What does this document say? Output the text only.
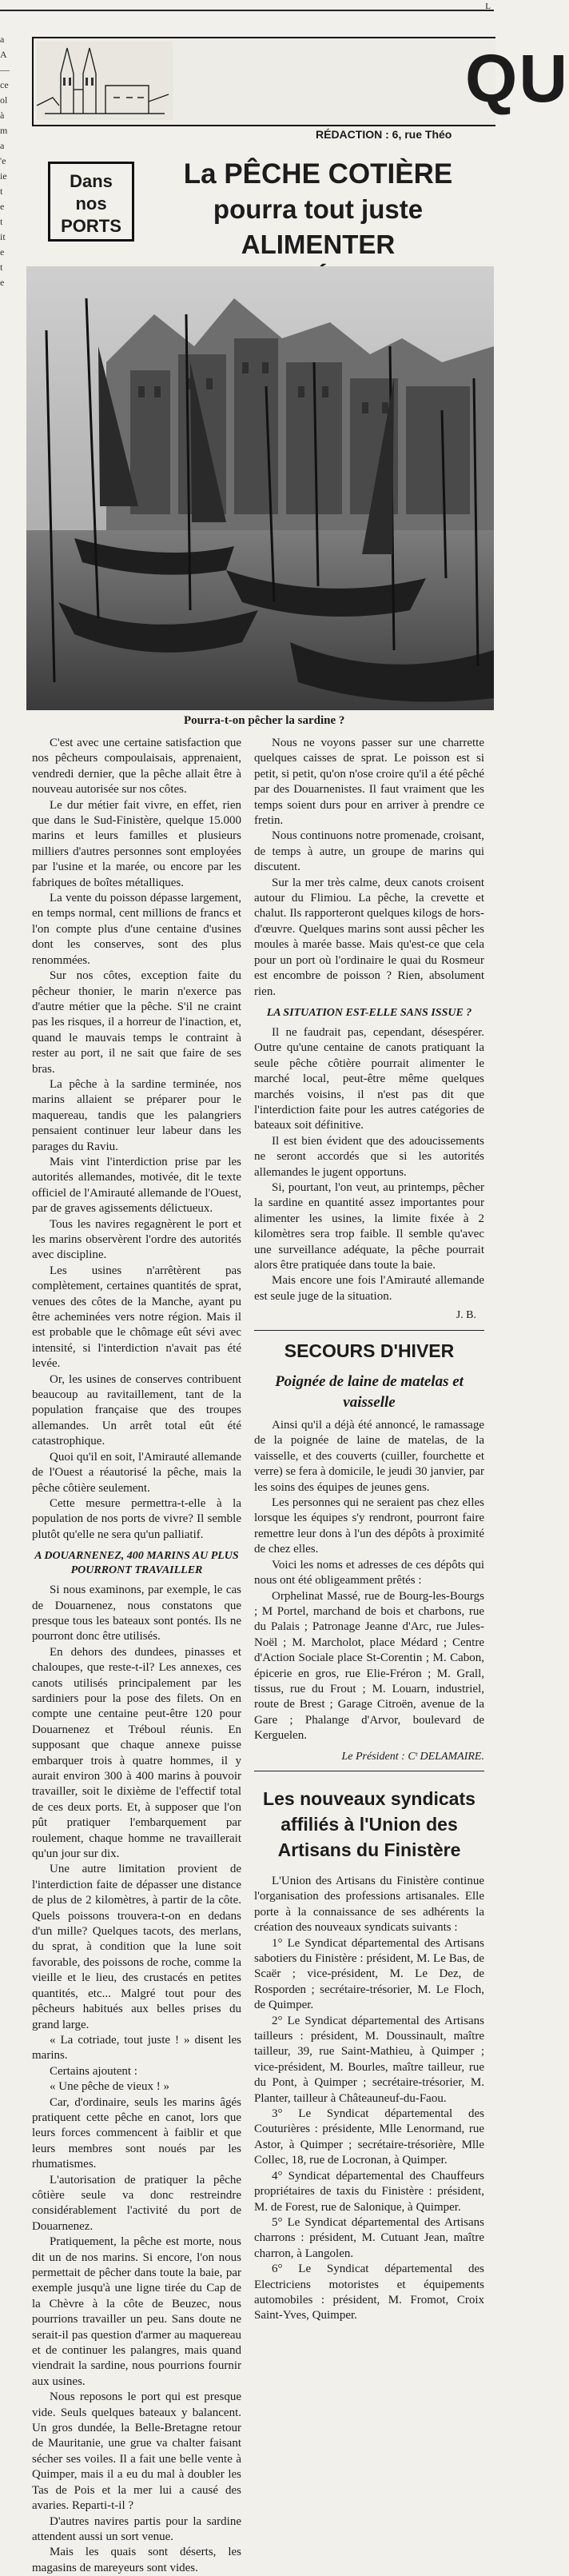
L
a
A
—
ce
ol
à
m
a
'e
ie
t
e
t
it
e
t
e
QU
RÉDACTION : 6, rue Théo
Dans
nos
PORTS
La PÊCHE COTIÈRE
pourra tout juste ALIMENTER
Pourra-t-on pêcher la sardine ?

C'est avec une certaine satisfaction que nos pêcheurs compoulaisais, apprenaient, vendredi dernier, que la pêche allait être à nouveau autorisée sur nos côtes.

Le dur métier fait vivre, en effet, rien que dans le Sud-Finistère, quelque 15.000 marins et leurs familles et plusieurs milliers d'autres personnes sont employées par l'usine et la marée, ou encore par les fabriques de boîtes métalliques.

La vente du poisson dépasse largement, en temps normal, cent millions de francs et l'on compte plus d'une centaine d'usines dont les conserves, sont des plus renommées.

Sur nos côtes, exception faite du pêcheur thonier, le marin n'exerce pas d'autre métier que la pêche. S'il ne craint pas les risques, il a horreur de l'inaction, et, quand le mauvais temps le contraint à rester au port, il ne sait que faire de ses bras.

La pêche à la sardine terminée, nos marins allaient se préparer pour le maquereau, tandis que les palangriers pensaient continuer leur labeur dans les parages du Raviu.

Mais vint l'interdiction prise par les autorités allemandes, motivée, dit le texte officiel de l'Amirauté allemande de l'Ouest, par de graves agissements délictueux.

Tous les navires regagnèrent le port et les marins observèrent l'ordre des autorités avec discipline.

Les usines n'arrêtèrent pas complètement, certaines quantités de sprat, venues des côtes de la Manche, ayant pu être acheminées vers notre région. Mais il est probable que le chômage eût sévi avec intensité, si l'interdiction n'avait pas été levée.

Or, les usines de conserves contribuent beaucoup au ravitaillement, tant de la population française que des troupes allemandes. Un arrêt total eût été catastrophique.

Quoi qu'il en soit, l'Amirauté allemande de l'Ouest a réautorisé la pêche, mais la pêche côtière seulement.

Cette mesure permettra-t-elle à la population de nos ports de vivre? Il semble plutôt qu'elle ne sera qu'un palliatif.

A DOUARNENEZ, 400 MARINS AU PLUS POURRONT TRAVAILLER

Si nous examinons, par exemple, le cas de Douarnenez, nous constatons que presque tous les bateaux sont pontés. Ils ne pourront donc être utilisés.

En dehors des dundees, pinasses et chaloupes, que reste-t-il? Les annexes, ces canots utilisés principalement par les sardiniers pour la pose des filets. On en compte une centaine peut-être 120 pour Douarnenez et Tréboul réunis. En supposant que chaque annexe puisse embarquer trois à quatre hommes, il y aurait environ 300 à 400 marins à pouvoir travailler, soit le dixième de l'effectif total de ces deux ports. Et, à supposer que l'on pût pratiquer l'embarquement par roulement, chaque homme ne travaillerait qu'un jour sur dix.

Une autre limitation provient de l'interdiction faite de dépasser une distance de plus de 2 kilomètres, à partir de la côte. Quels poissons trouvera-t-on en dedans d'un mille? Quelques tacots, des merlans, du sprat, à condition que la lune soit favorable, des poissons de roche, comme la vieille et le lieu, des crustacés en petites quantités, etc... Malgré tout pour des pêcheurs habitués aux belles prises du grand large.

« La cotriade, tout juste ! » disent les marins.

Certains ajoutent :

« Une pêche de vieux ! »

Car, d'ordinaire, seuls les marins âgés pratiquent cette pêche en canot, lors que leurs forces commencent à faiblir et que leurs membres sont noués par les rhumatismes.

L'autorisation de pratiquer la pêche côtière seule va donc restreindre considérablement l'activité du port de Douarnenez.

Pratiquement, la pêche est morte, nous dit un de nos marins. Si encore, l'on nous permettait de pêcher dans toute la baie, par exemple jusqu'à une ligne tirée du Cap de la Chèvre à la côte de Beuzec, nous pourrions travailler un peu. Sans doute ne serait-il pas question d'armer au maquereau et de continuer les palangres, mais quand viendrait la sardine, nous pourrions fournir aux usines.

Nous reposons le port qui est presque vide. Seuls quelques bateaux y balancent. Un gros dundée, la Belle-Bretagne retour de Mauritanie, une grue va chalter faisant sécher ses voiles. Il a fait une belle vente à Quimper, mais il a eu du mal à doubler les Tas de Pois et la mer lui a causé des avaries. Reparti-t-il ?

D'autres navires partis pour la sardine attendent aussi un sort venue.

Mais les quais sont déserts, les magasins de mareyeurs sont vides.

Nous ne voyons passer sur une charrette quelques caisses de sprat. Le poisson est si petit, si petit, qu'on n'ose croire qu'il a été pêché par des Douarnenistes. Il faut vraiment que les temps soient durs pour en arriver à prendre ce fretin.

Nous continuons notre promenade, croisant, de temps à autre, un groupe de marins qui discutent.

Sur la mer très calme, deux canots croisent autour du Flimiou. La pêche, la crevette et chalut. Ils rapporteront quelques kilogs de hors-d'œuvre. Quelques marins sont aussi pêcher les moules à marée basse. Mais qu'est-ce que cela pour un port où l'ordinaire le quai du Rosmeur est encombre de poisson ? Rien, absolument rien.

LA SITUATION EST-ELLE SANS ISSUE ?

Il ne faudrait pas, cependant, désespérer. Outre qu'une centaine de canots pratiquant la seule pêche côtière pourrait alimenter le marché local, peut-être même quelques marchés voisins, il n'est pas dit que l'interdiction faite pour les autres catégories de bateaux soit définitive.

Il est bien évident que des adoucissements ne seront accordés que si les autorités allemandes le jugent opportuns.

Si, pourtant, l'on veut, au printemps, pêcher la sardine en quantité assez importantes pour alimenter les usines, la limite fixée à 2 kilomètres sera trop faible. Il semble qu'avec une surveillance adéquate, la pêche pourrait alors être pratiquée dans toute la baie.

Mais encore une fois l'Amirauté allemande est seule juge de la situation.

J. B.
SECOURS D'HIVER
Poignée de laine de matelas et vaisselle

Ainsi qu'il a déjà été annoncé, le ramassage de la poignée de laine de matelas, de la vaisselle, et des couverts (cuiller, fourchette et verre) se fera à domicile, le jeudi 30 janvier, par les soins des équipes de jeunes gens.

Les personnes qui ne seraient pas chez elles lorsque les équipes s'y rendront, pourront faire remettre leur dons à l'un des dépôts à proximité de chez elles.

Voici les noms et adresses de ces dépôts qui nous ont été obligeamment prêtés :

Orphelinat Massé, rue de Bourg-les-Bourgs ; M Portel, marchand de bois et charbons, rue du Palais ; Patronage Jeanne d'Arc, rue Jules-Noël ; M. Marcholot, place Médard ; Centre d'Action Sociale place St-Corentin ; M. Cabon, épicerie en gros, rue Elie-Fréron ; M. Grall, tissus, rue du Frout ; M. Louarn, industriel, route de Brest ; Garage Citroën, avenue de la Gare ; Phalange d'Arvor, boulevard de Kerguelen.

Le Président : Cᵗ DELAMAIRE.
Les nouveaux syndicats affiliés à l'Union des Artisans du Finistère

L'Union des Artisans du Finistère continue l'organisation des professions artisanales. Elle porte à la connaissance de ses adhérents la création des nouveaux syndicats suivants :

1° Le Syndicat départemental des Artisans sabotiers du Finistère : président, M. Le Bas, de Scaër ; vice-président, M. Le Dez, de Rosporden ; secrétaire-trésorier, M. Le Floch, de Quimper.

2° Le Syndicat départemental des Artisans tailleurs : président, M. Doussinault, maître tailleur, 39, rue Saint-Mathieu, à Quimper ; vice-président, M. Bourles, maître tailleur, rue du Pont, à Quimper ; secrétaire-trésorier, M. Planter, tailleur à Châteauneuf-du-Faou.

3° Le Syndicat départemental des Couturières : présidente, Mlle Lenormand, rue Astor, à Quimper ; secrétaire-trésorière, Mlle Collec, 18, rue de Locronan, à Quimper.

4° Syndicat départemental des Chauffeurs propriétaires de taxis du Finistère : président, M. de Forest, rue de Salonique, à Quimper.

5° Le Syndicat départemental des Artisans charrons : président, M. Cutuant Jean, maître charron, à Langolen.

6° Le Syndicat départemental des Electriciens motoristes et équipements automobiles : président, M. Fromot, Croix Saint-Yves, Quimper.
